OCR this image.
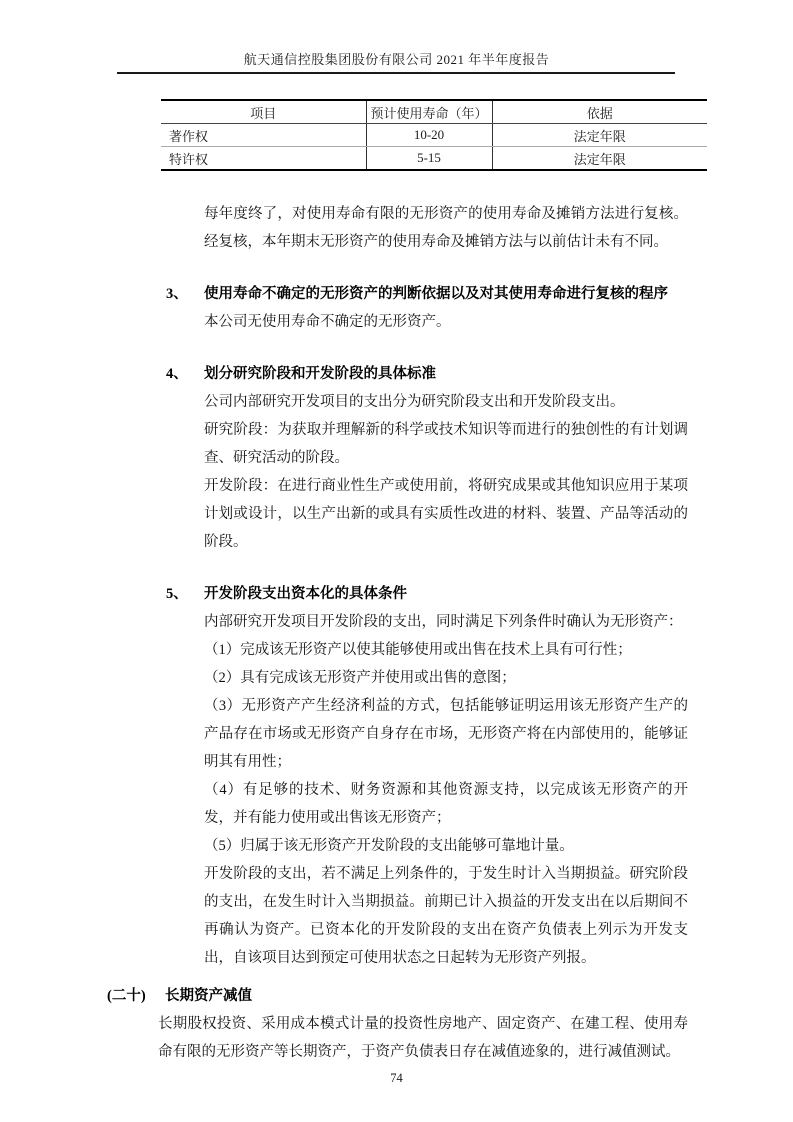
航天通信控股集团股份有限公司 2021 年半年度报告
项目	预计使用寿命（年）	依据
著作权	10-20	法定年限
特许权	5-15	法定年限

每年度终了，对使用寿命有限的无形资产的使用寿命及摊销方法进行复核。经复核，本年期末无形资产的使用寿命及摊销方法与以前估计未有不同。

3、	使用寿命不确定的无形资产的判断依据以及对其使用寿命进行复核的程序

本公司无使用寿命不确定的无形资产。

4、	划分研究阶段和开发阶段的具体标准

公司内部研究开发项目的支出分为研究阶段支出和开发阶段支出。

研究阶段：为获取并理解新的科学或技术知识等而进行的独创性的有计划调查、研究活动的阶段。

开发阶段：在进行商业性生产或使用前，将研究成果或其他知识应用于某项计划或设计，以生产出新的或具有实质性改进的材料、装置、产品等活动的阶段。

5、	开发阶段支出资本化的具体条件

内部研究开发项目开发阶段的支出，同时满足下列条件时确认为无形资产：

（1）完成该无形资产以使其能够使用或出售在技术上具有可行性；

（2）具有完成该无形资产并使用或出售的意图；

（3）无形资产产生经济利益的方式，包括能够证明运用该无形资产生产的产品存在市场或无形资产自身存在市场，无形资产将在内部使用的，能够证明其有用性；

（4）有足够的技术、财务资源和其他资源支持，以完成该无形资产的开发，并有能力使用或出售该无形资产；

（5）归属于该无形资产开发阶段的支出能够可靠地计量。

开发阶段的支出，若不满足上列条件的，于发生时计入当期损益。研究阶段的支出，在发生时计入当期损益。前期已计入损益的开发支出在以后期间不再确认为资产。已资本化的开发阶段的支出在资产负债表上列示为开发支出，自该项目达到预定可使用状态之日起转为无形资产列报。

(二十)	长期资产减值

长期股权投资、采用成本模式计量的投资性房地产、固定资产、在建工程、使用寿命有限的无形资产等长期资产，于资产负债表日存在减值迹象的，进行减值测试。

74
